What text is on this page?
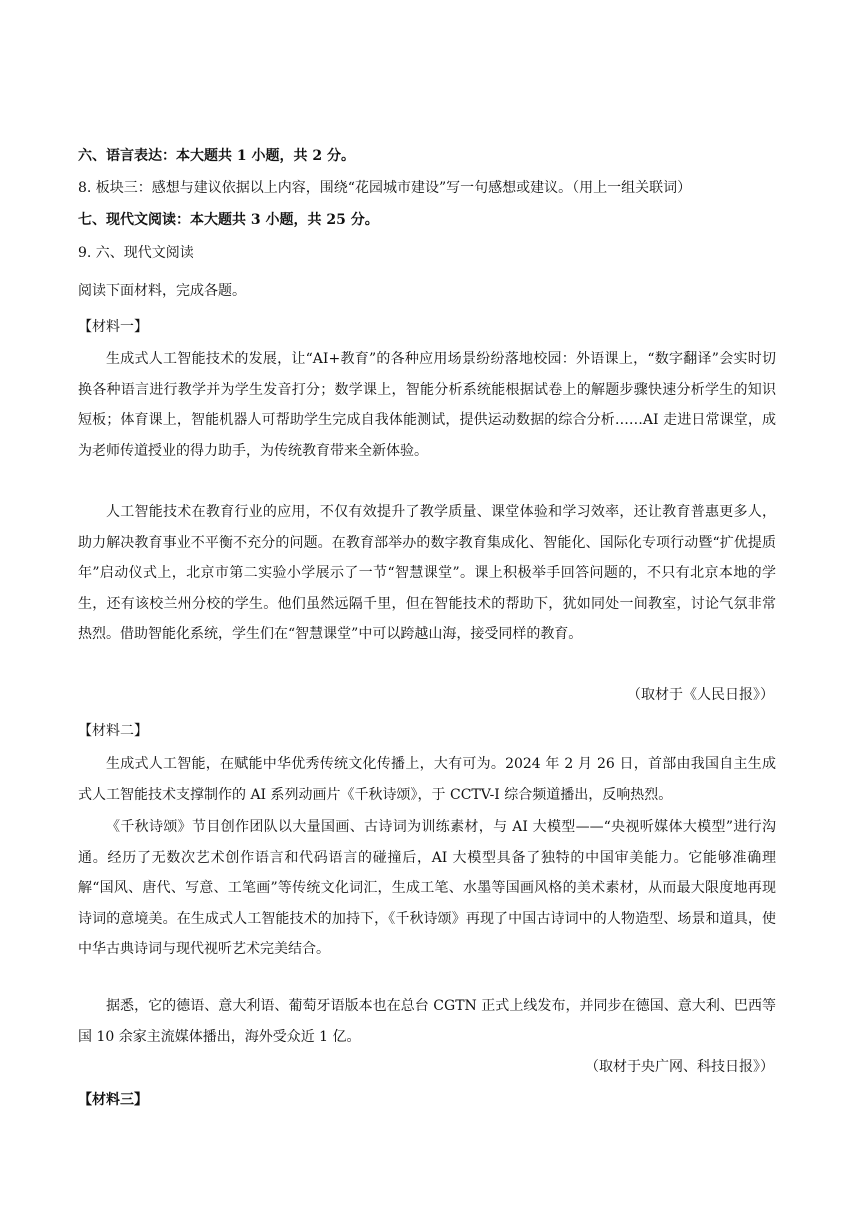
六、语言表达：本大题共 1 小题，共 2 分。
8. 板块三：感想与建议依据以上内容，围绕“花园城市建设”写一句感想或建议。（用上一组关联词）
七、现代文阅读：本大题共 3 小题，共 25 分。
9. 六、现代文阅读
阅读下面材料，完成各题。
【材料一】

生成式人工智能技术的发展，让“AI+教育”的各种应用场景纷纷落地校园：外语课上，“数字翻译”会实时切换各种语言进行教学并为学生发音打分；数学课上，智能分析系统能根据试卷上的解题步骤快速分析学生的知识短板；体育课上，智能机器人可帮助学生完成自我体能测试，提供运动数据的综合分析……AI 走进日常课堂，成为老师传道授业的得力助手，为传统教育带来全新体验。

人工智能技术在教育行业的应用，不仅有效提升了教学质量、课堂体验和学习效率，还让教育普惠更多人，助力解决教育事业不平衡不充分的问题。在教育部举办的数字教育集成化、智能化、国际化专项行动暨“扩优提质年”启动仪式上，北京市第二实验小学展示了一节“智慧课堂”。课上积极举手回答问题的，不只有北京本地的学生，还有该校兰州分校的学生。他们虽然远隔千里，但在智能技术的帮助下，犹如同处一间教室，讨论气氛非常热烈。借助智能化系统，学生们在“智慧课堂”中可以跨越山海，接受同样的教育。

（取材于《人民日报》）
【材料二】

生成式人工智能，在赋能中华优秀传统文化传播上，大有可为。2024 年 2 月 26 日，首部由我国自主生成式人工智能技术支撑制作的 AI 系列动画片《千秋诗颂》，于 CCTV-I 综合频道播出，反响热烈。

《千秋诗颂》节目创作团队以大量国画、古诗词为训练素材，与 AI 大模型——“央视听媒体大模型”进行沟通。经历了无数次艺术创作语言和代码语言的碰撞后，AI 大模型具备了独特的中国审美能力。它能够准确理解“国风、唐代、写意、工笔画”等传统文化词汇，生成工笔、水墨等国画风格的美术素材，从而最大限度地再现诗词的意境美。在生成式人工智能技术的加持下，《千秋诗颂》再现了中国古诗词中的人物造型、场景和道具，使中华古典诗词与现代视听艺术完美结合。

据悉，它的德语、意大利语、葡萄牙语版本也在总台 CGTN 正式上线发布，并同步在德国、意大利、巴西等国 10 余家主流媒体播出，海外受众近 1 亿。

（取材于央广网、科技日报》）
【材料三】
